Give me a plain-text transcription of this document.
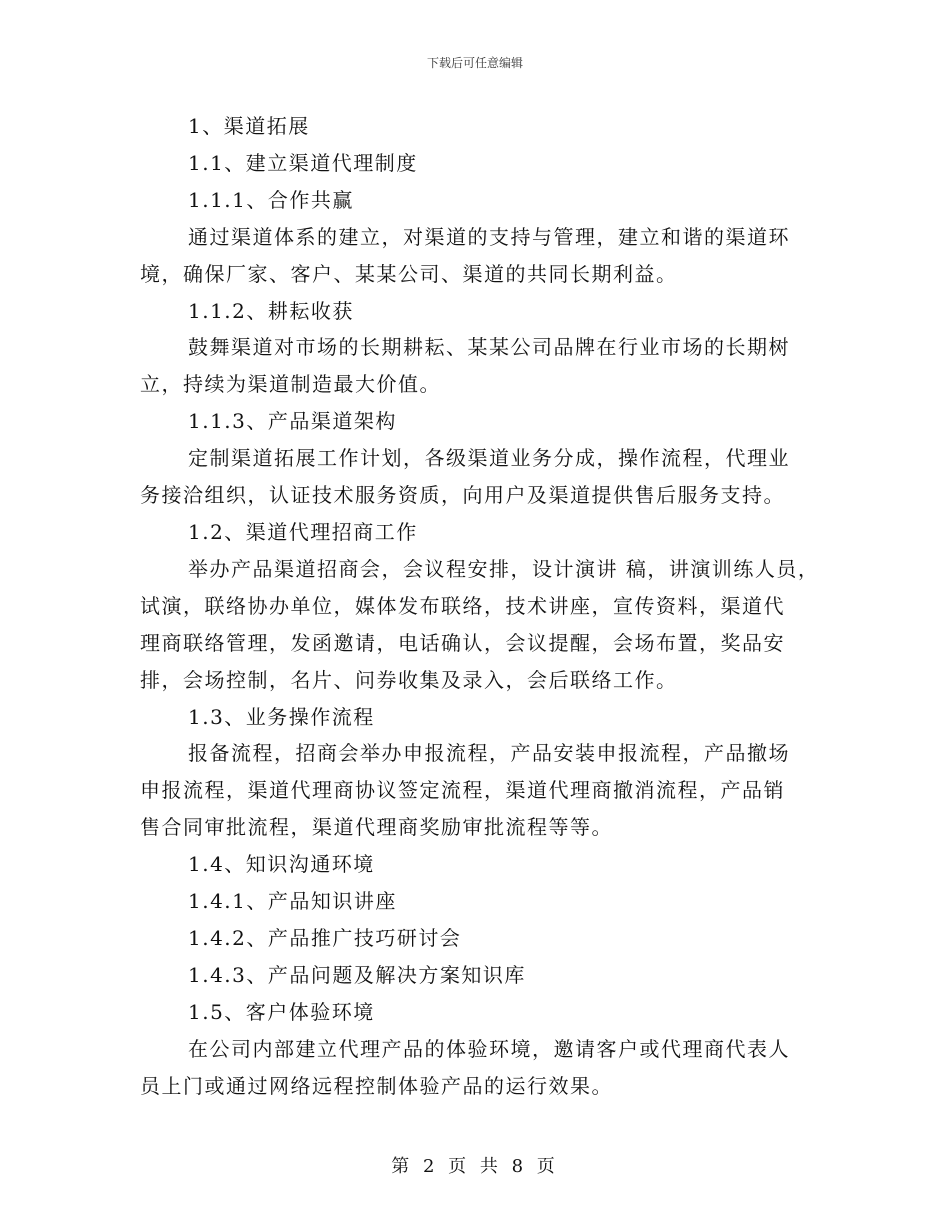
下载后可任意编辑

1、渠道拓展

1.1、建立渠道代理制度

1.1.1、合作共赢

通过渠道体系的建立，对渠道的支持与管理，建立和谐的渠道环

境，确保厂家、客户、某某公司、渠道的共同长期利益。

1.1.2、耕耘收获

鼓舞渠道对市场的长期耕耘、某某公司品牌在行业市场的长期树

立，持续为渠道制造最大价值。

1.1.3、产品渠道架构

定制渠道拓展工作计划，各级渠道业务分成，操作流程，代理业

务接洽组织，认证技术服务资质，向用户及渠道提供售后服务支持。

1.2、渠道代理招商工作

举办产品渠道招商会，会议程安排，设计演讲 稿，讲演训练人员，

试演，联络协办单位，媒体发布联络，技术讲座，宣传资料，渠道代

理商联络管理，发函邀请，电话确认，会议提醒，会场布置，奖品安

排，会场控制，名片、问券收集及录入，会后联络工作。

1.3、业务操作流程

报备流程，招商会举办申报流程，产品安装申报流程，产品撤场

申报流程，渠道代理商协议签定流程，渠道代理商撤消流程，产品销

售合同审批流程，渠道代理商奖励审批流程等等。

1.4、知识沟通环境

1.4.1、产品知识讲座

1.4.2、产品推广技巧研讨会

1.4.3、产品问题及解决方案知识库

1.5、客户体验环境

在公司内部建立代理产品的体验环境，邀请客户或代理商代表人

员上门或通过网络远程控制体验产品的运行效果。

第 2 页 共 8 页
